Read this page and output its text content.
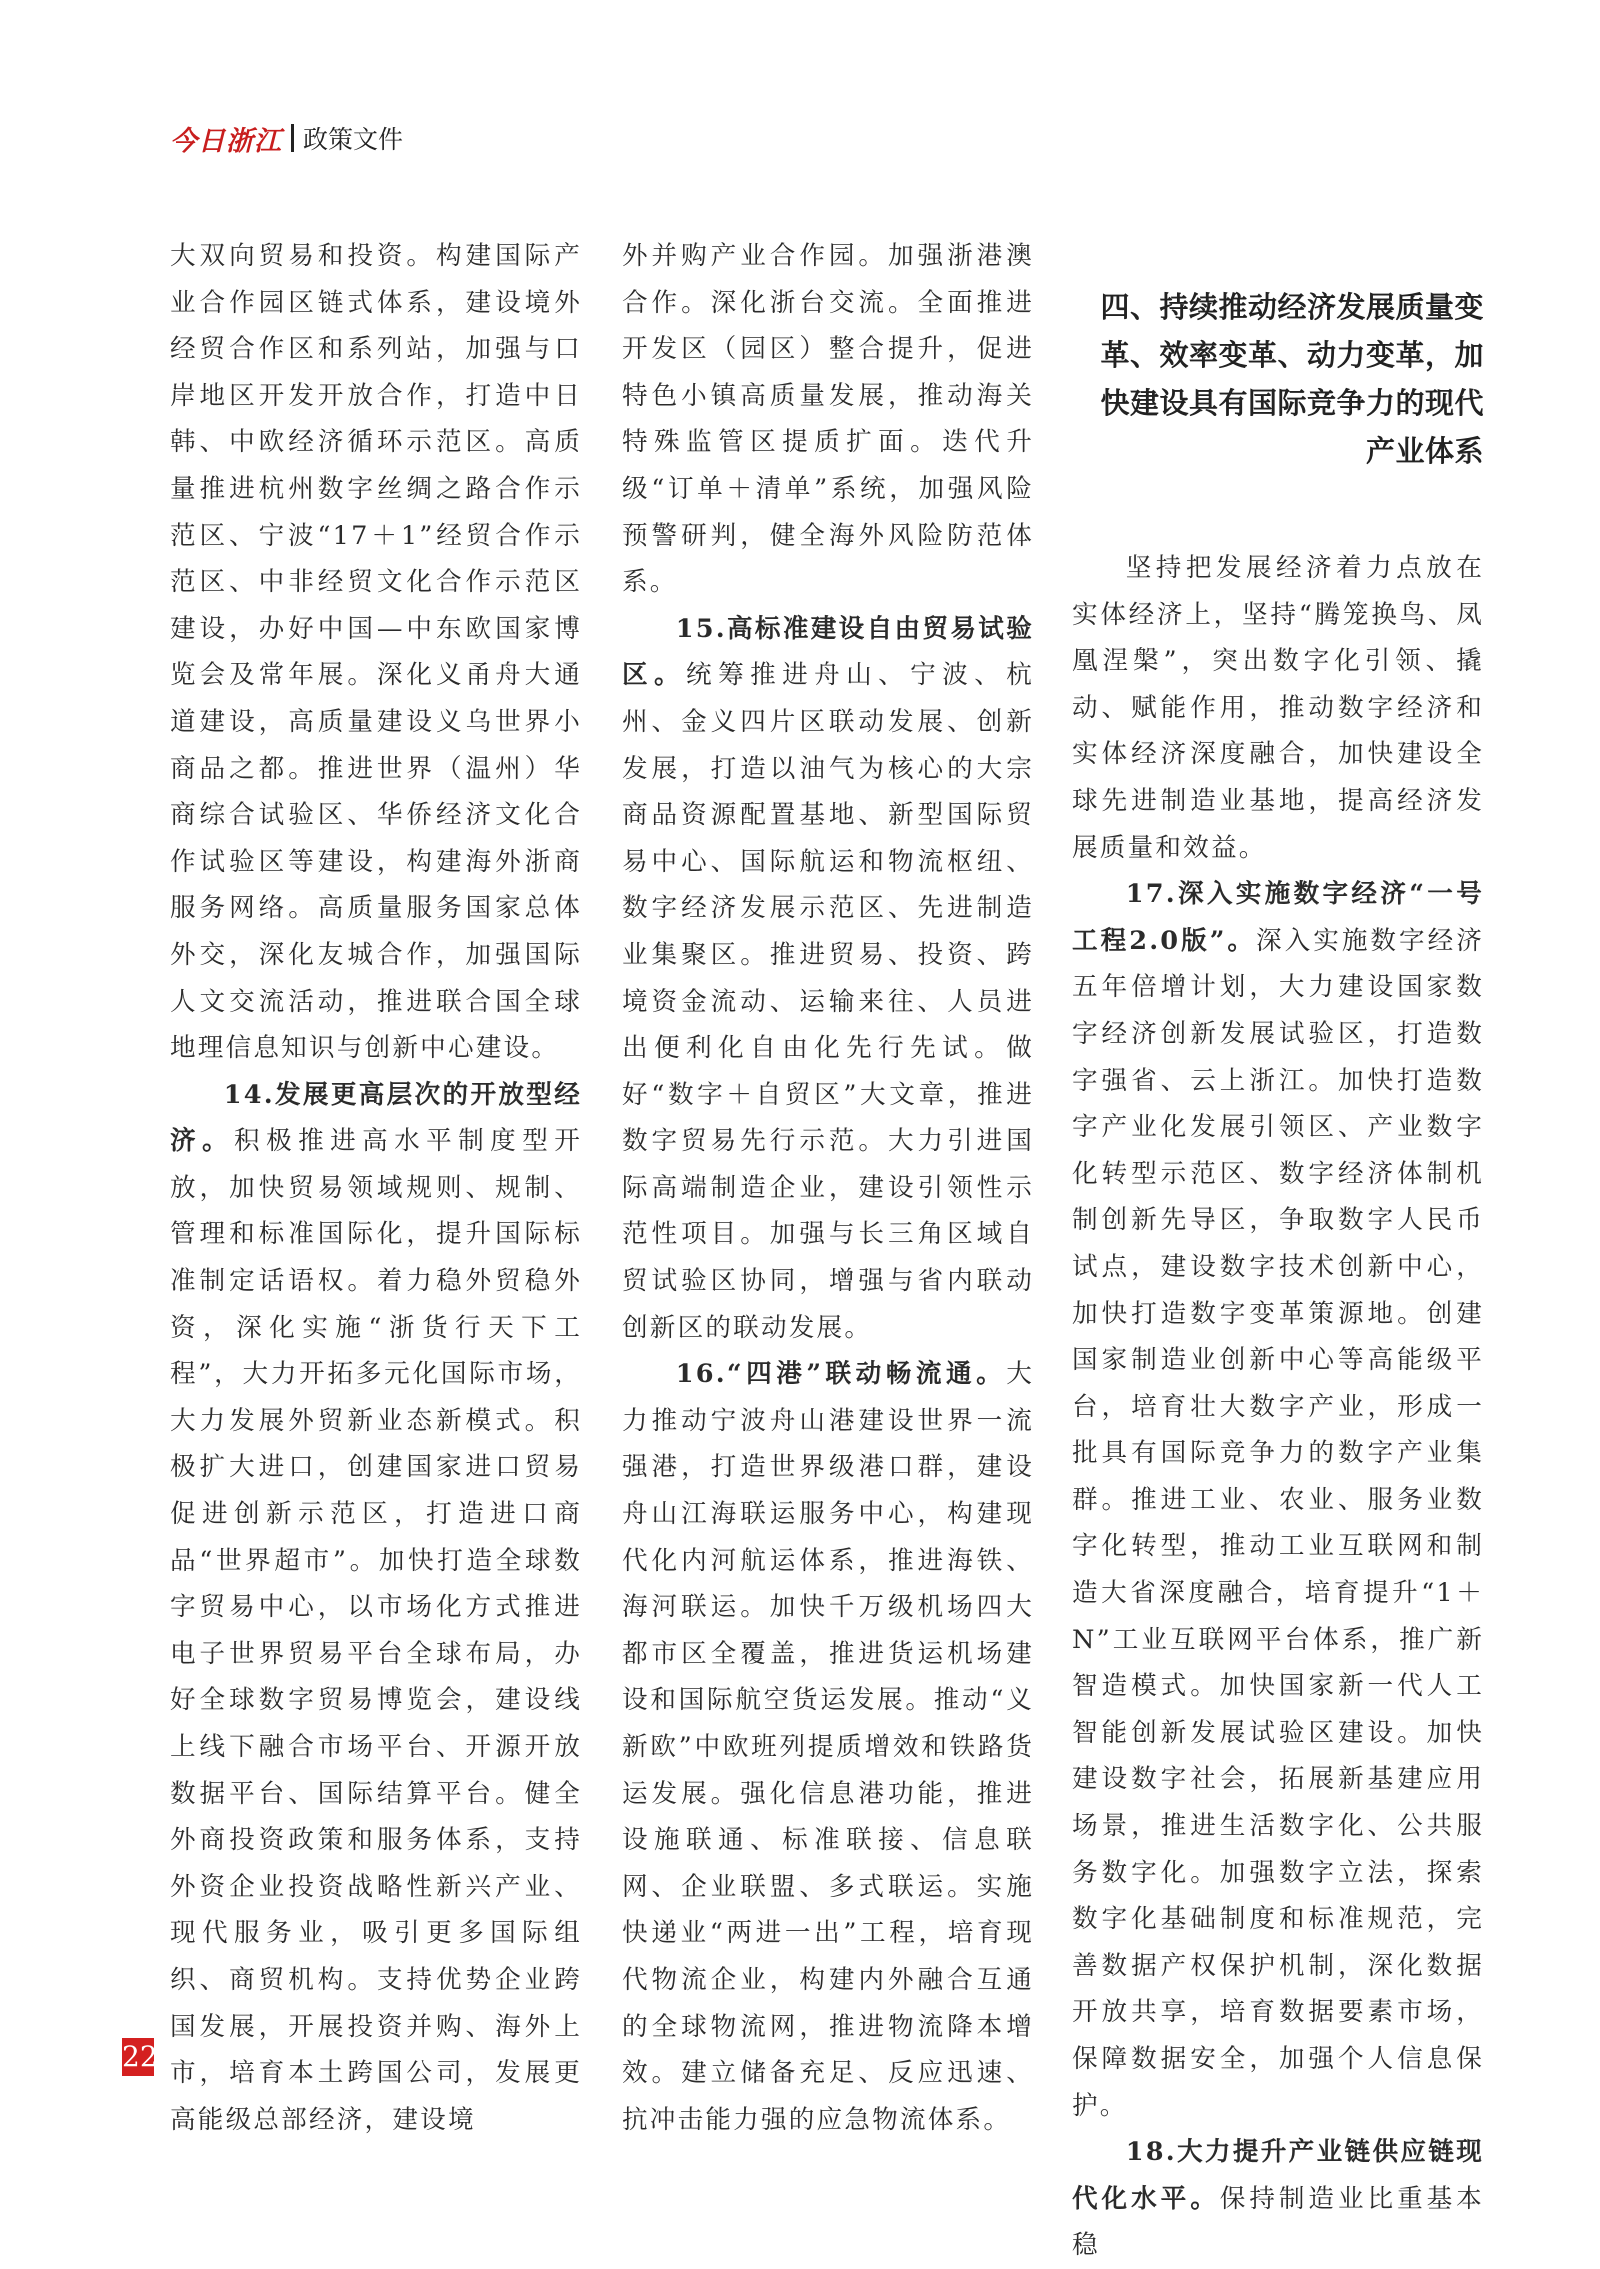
今日浙江 政策文件

大双向贸易和投资。构建国际产业合作园区链式体系，建设境外经贸合作区和系列站，加强与口岸地区开发开放合作，打造中日韩、中欧经济循环示范区。高质量推进杭州数字丝绸之路合作示范区、宁波“17＋1”经贸合作示范区、中非经贸文化合作示范区建设，办好中国—中东欧国家博览会及常年展。深化义甬舟大通道建设，高质量建设义乌世界小商品之都。推进世界（温州）华商综合试验区、华侨经济文化合作试验区等建设，构建海外浙商服务网络。高质量服务国家总体外交，深化友城合作，加强国际人文交流活动，推进联合国全球地理信息知识与创新中心建设。

14.发展更高层次的开放型经济。积极推进高水平制度型开放，加快贸易领域规则、规制、管理和标准国际化，提升国际标准制定话语权。着力稳外贸稳外资，深化实施“浙货行天下工程”，大力开拓多元化国际市场，大力发展外贸新业态新模式。积极扩大进口，创建国家进口贸易促进创新示范区，打造进口商品“世界超市”。加快打造全球数字贸易中心，以市场化方式推进电子世界贸易平台全球布局，办好全球数字贸易博览会，建设线上线下融合市场平台、开源开放数据平台、国际结算平台。健全外商投资政策和服务体系，支持外资企业投资战略性新兴产业、现代服务业，吸引更多国际组织、商贸机构。支持优势企业跨国发展，开展投资并购、海外上市，培育本土跨国公司，发展更高能级总部经济，建设境

外并购产业合作园。加强浙港澳合作。深化浙台交流。全面推进开发区（园区）整合提升，促进特色小镇高质量发展，推动海关特殊监管区提质扩面。迭代升级“订单＋清单”系统，加强风险预警研判，健全海外风险防范体系。

15.高标准建设自由贸易试验区。统筹推进舟山、宁波、杭州、金义四片区联动发展、创新发展，打造以油气为核心的大宗商品资源配置基地、新型国际贸易中心、国际航运和物流枢纽、数字经济发展示范区、先进制造业集聚区。推进贸易、投资、跨境资金流动、运输来往、人员进出便利化自由化先行先试。做好“数字＋自贸区”大文章，推进数字贸易先行示范。大力引进国际高端制造企业，建设引领性示范性项目。加强与长三角区域自贸试验区协同，增强与省内联动创新区的联动发展。

16.“四港”联动畅流通。大力推动宁波舟山港建设世界一流强港，打造世界级港口群，建设舟山江海联运服务中心，构建现代化内河航运体系，推进海铁、海河联运。加快千万级机场四大都市区全覆盖，推进货运机场建设和国际航空货运发展。推动“义新欧”中欧班列提质增效和铁路货运发展。强化信息港功能，推进设施联通、标准联接、信息联网、企业联盟、多式联运。实施快递业“两进一出”工程，培育现代物流企业，构建内外融合互通的全球物流网，推进物流降本增效。建立储备充足、反应迅速、抗冲击能力强的应急物流体系。

四、持续推动经济发展质量变革、效率变革、动力变革，加快建设具有国际竞争力的现代产业体系

坚持把发展经济着力点放在实体经济上，坚持“腾笼换鸟、凤凰涅槃”，突出数字化引领、撬动、赋能作用，推动数字经济和实体经济深度融合，加快建设全球先进制造业基地，提高经济发展质量和效益。

17.深入实施数字经济“一号工程2.0版”。深入实施数字经济五年倍增计划，大力建设国家数字经济创新发展试验区，打造数字强省、云上浙江。加快打造数字产业化发展引领区、产业数字化转型示范区、数字经济体制机制创新先导区，争取数字人民币试点，建设数字技术创新中心，加快打造数字变革策源地。创建国家制造业创新中心等高能级平台，培育壮大数字产业，形成一批具有国际竞争力的数字产业集群。推进工业、农业、服务业数字化转型，推动工业互联网和制造大省深度融合，培育提升“1＋N”工业互联网平台体系，推广新智造模式。加快国家新一代人工智能创新发展试验区建设。加快建设数字社会，拓展新基建应用场景，推进生活数字化、公共服务数字化。加强数字立法，探索数字化基础制度和标准规范，完善数据产权保护机制，深化数据开放共享，培育数据要素市场，保障数据安全，加强个人信息保护。

18.大力提升产业链供应链现代化水平。保持制造业比重基本稳

22
